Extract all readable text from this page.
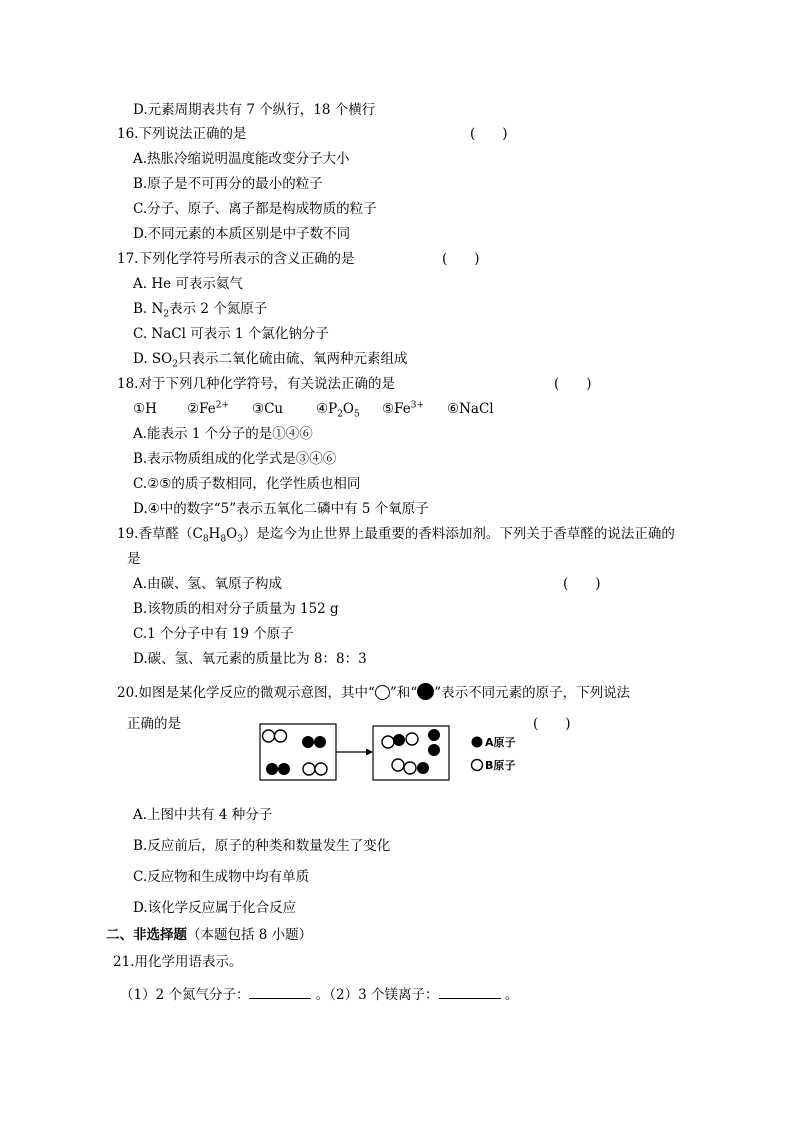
D.元素周期表共有 7 个纵行，18 个横行
16.下列说法正确的是	(　　)
A.热胀冷缩说明温度能改变分子大小
B.原子是不可再分的最小的粒子
C.分子、原子、离子都是构成物质的粒子
D.不同元素的本质区别是中子数不同
17.下列化学符号所表示的含义正确的是	(　　)
A. He 可表示氦气
B. $N_2$表示 2 个氮原子
C. NaCl 可表示 1 个氯化钠分子
D. $SO_2$只表示二氧化硫由硫、氧两种元素组成
18.对于下列几种化学符号，有关说法正确的是	(　　)
①H $②Fe^{2+}$ ③Cu $④P_2O_5$ $⑤Fe^{3+}$ ⑥NaCl
A.能表示 1 个分子的是①④⑥
B.表示物质组成的化学式是③④⑥
C.②⑤的质子数相同，化学性质也相同
D.④中的数字“5”表示五氧化二磷中有 5 个氧原子
19.香草醛$(C_8H_8O_3)$是迄今为止世界上最重要的香料添加剂。下列关于香草醛的说法正确的
是
A.由碳、氢、氧原子构成	(　　)
B.该物质的相对分子质量为 152 g
C.1 个分子中有 19 个原子
D.碳、氢、氧元素的质量比为 8：8：3
20.如图是某化学反应的微观示意图，其中“ ”和“ ”表示不同元素的原子，下列说法
正确的是	(　　)
A原子
B原子
A.上图中共有 4 种分子
B.反应前后，原子的种类和数量发生了变化
C.反应物和生成物中均有单质
D.该化学反应属于化合反应
二、非选择题（本题包括 8 小题）
21.用化学用语表示。
（1）2 个氮气分子：	。（2）3 个镁离子：	。
